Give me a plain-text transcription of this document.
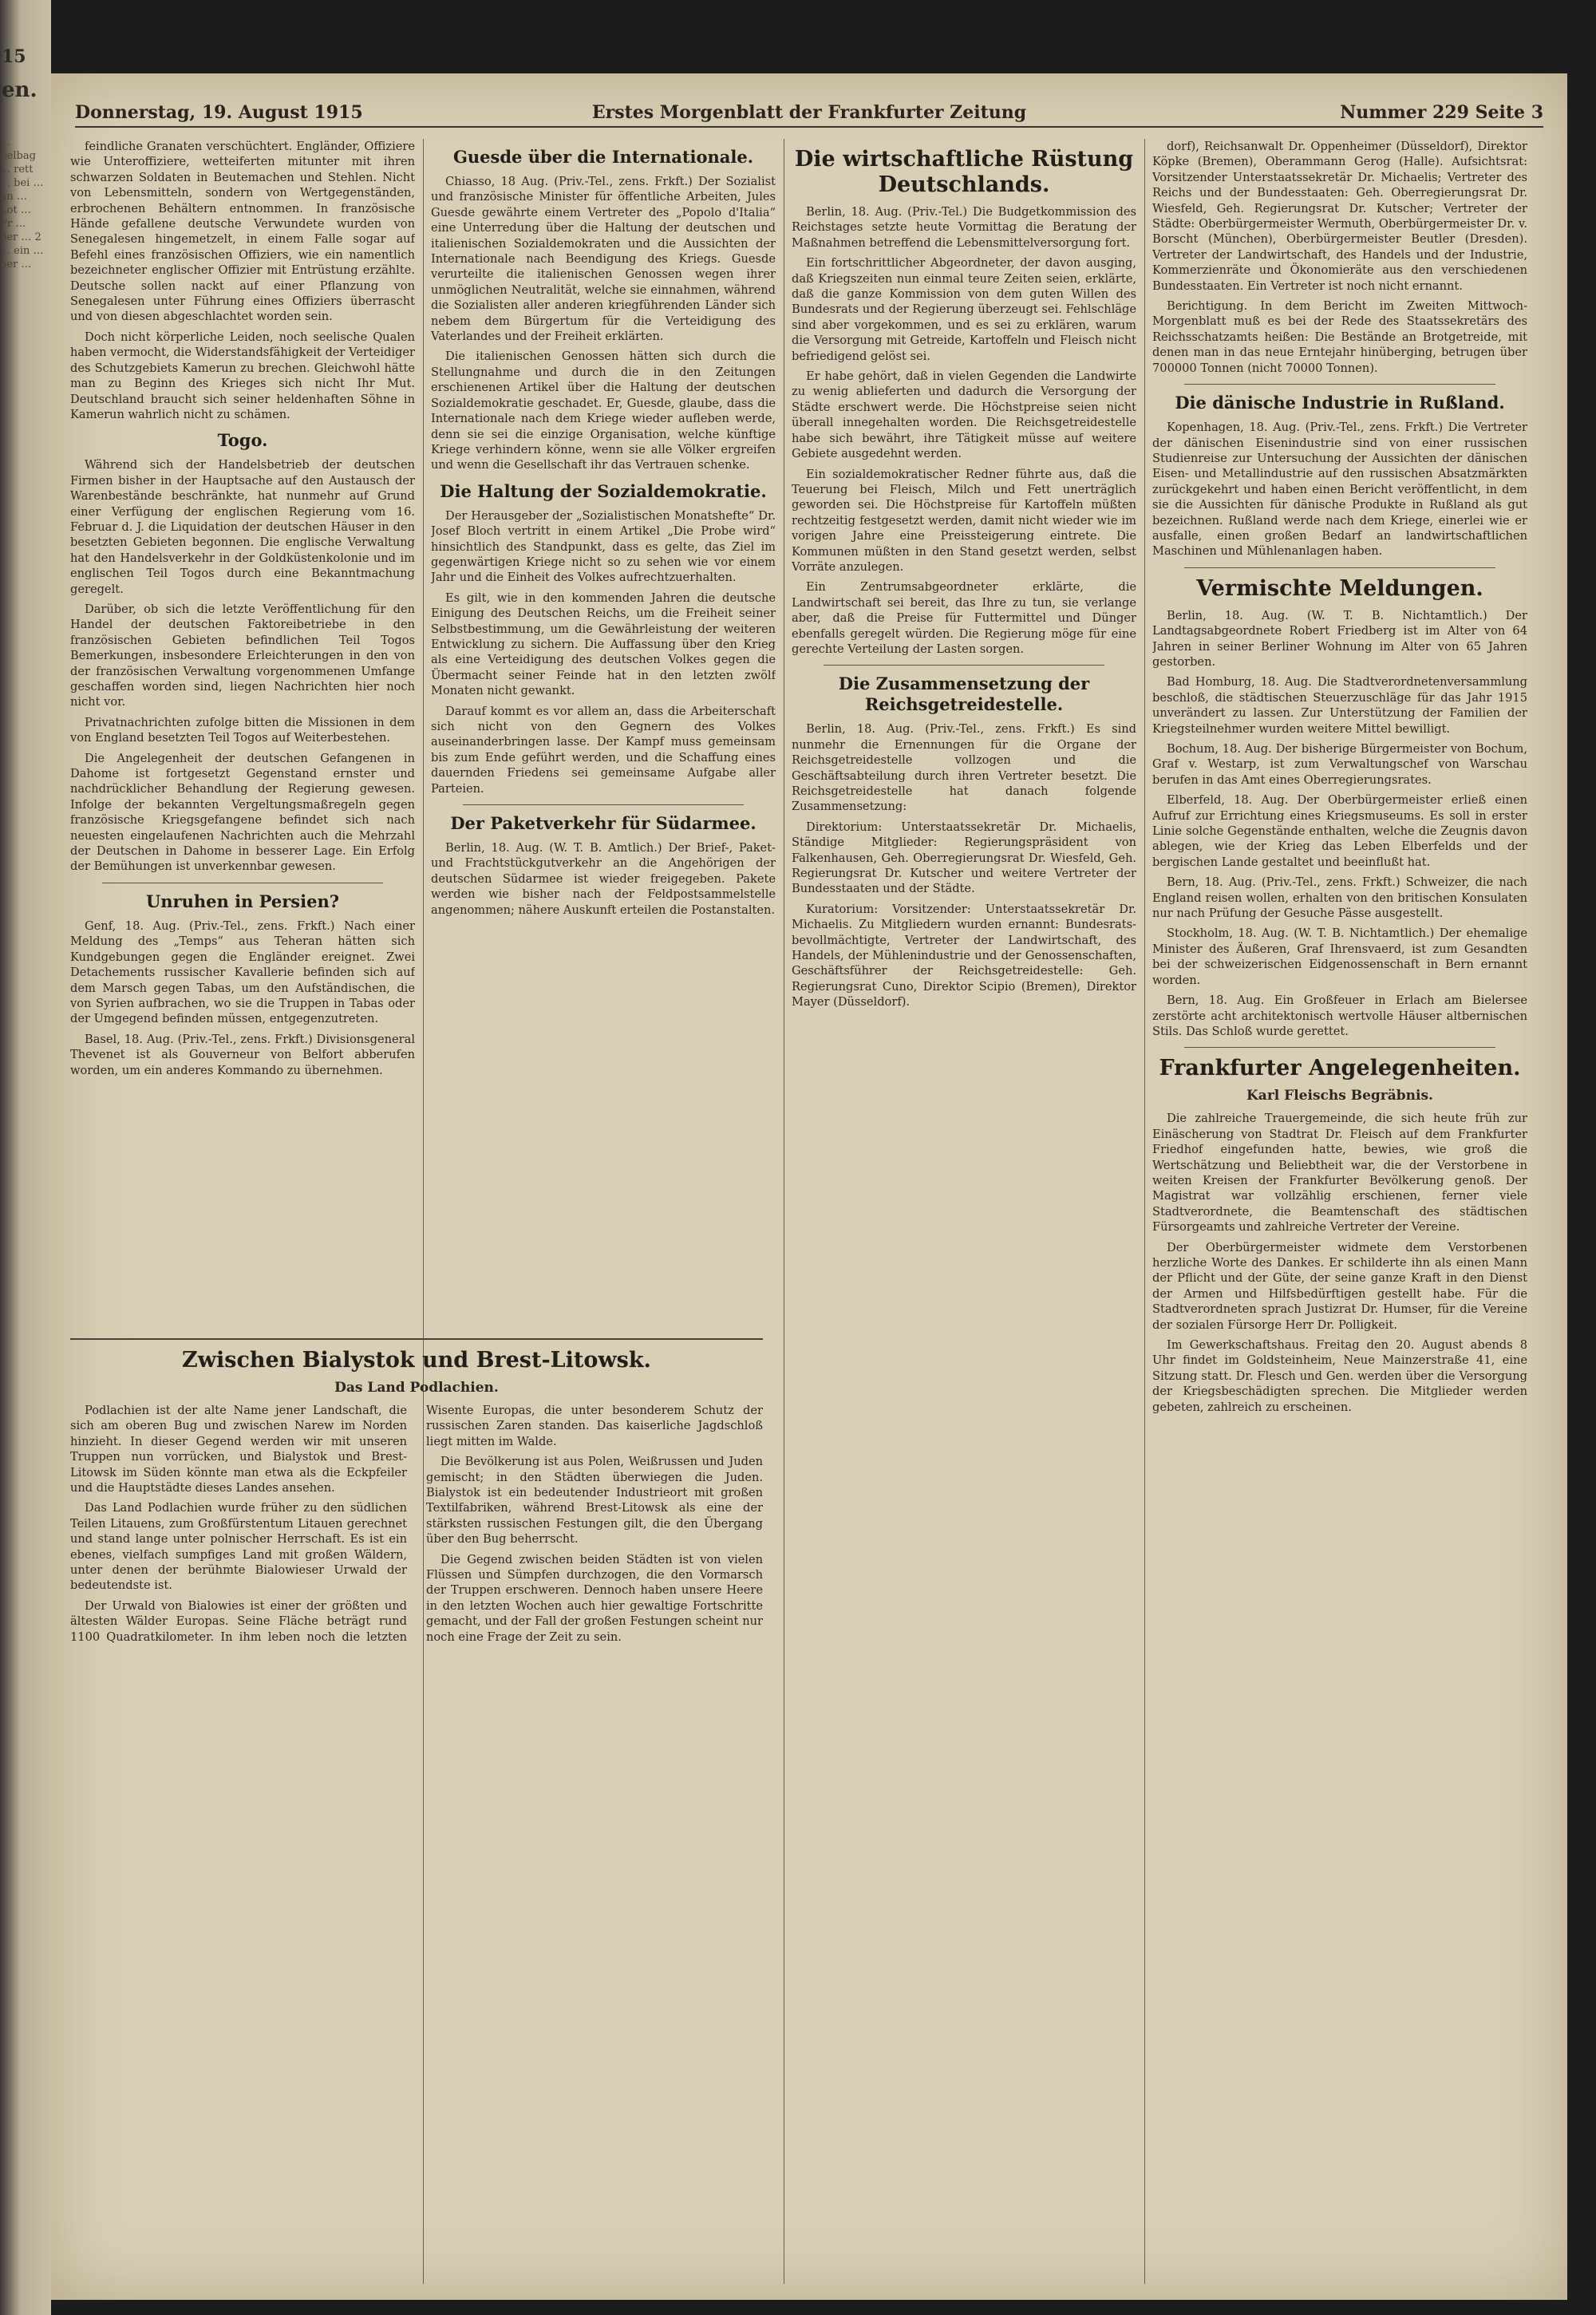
… fielbag … rett … bei … nn … Lot … Fr … ber … 2 … ein … ber …
15
en.
Donnerstag, 19. August 1915	Erstes Morgenblatt der Frankfurter Zeitung	Nummer 229 Seite 3

feindliche Granaten verschüchtert. Engländer, Offiziere wie Unteroffiziere, wetteiferten mitunter mit ihren schwarzen Soldaten in Beutemachen und Stehlen. Nicht von Lebensmitteln, sondern von Wertgegenständen, erbrochenen Behältern entnommen. In französische Hände gefallene deutsche Verwundete wurden von Senegalesen hingemetzelt, in einem Falle sogar auf Befehl eines französischen Offiziers, wie ein namentlich bezeichneter englischer Offizier mit Entrüstung erzählte. Deutsche sollen nackt auf einer Pflanzung von Senegalesen unter Führung eines Offiziers überrascht und von diesen abgeschlachtet worden sein.

Doch nicht körperliche Leiden, noch seelische Qualen haben vermocht, die Widerstandsfähigkeit der Verteidiger des Schutzgebiets Kamerun zu brechen. Gleichwohl hätte man zu Beginn des Krieges sich nicht Ihr Mut. Deutschland braucht sich seiner heldenhaften Söhne in Kamerun wahrlich nicht zu schämen.

Togo.

Während sich der Handelsbetrieb der deutschen Firmen bisher in der Hauptsache auf den Austausch der Warenbestände beschränkte, hat nunmehr auf Grund einer Verfügung der englischen Regierung vom 16. Februar d. J. die Liquidation der deutschen Häuser in den besetzten Gebieten begonnen. Die englische Verwaltung hat den Handelsverkehr in der Goldküstenkolonie und im englischen Teil Togos durch eine Bekanntmachung geregelt.

Darüber, ob sich die letzte Veröffentlichung für den Handel der deutschen Faktoreibetriebe in den französischen Gebieten befindlichen Teil Togos Bemerkungen, insbesondere Erleichterungen in den von der französischen Verwaltung vorgenommenen Umfange geschaffen worden sind, liegen Nachrichten hier noch nicht vor.

Privatnachrichten zufolge bitten die Missionen in dem von England besetzten Teil Togos auf Weiterbestehen.

Die Angelegenheit der deutschen Gefangenen in Dahome ist fortgesetzt Gegenstand ernster und nachdrücklicher Behandlung der Regierung gewesen. Infolge der bekannten Vergeltungsmaßregeln gegen französische Kriegsgefangene befindet sich nach neuesten eingelaufenen Nachrichten auch die Mehrzahl der Deutschen in Dahome in besserer Lage. Ein Erfolg der Bemühungen ist unverkennbar gewesen.

Unruhen in Persien?

Genf, 18. Aug. (Priv.-Tel., zens. Frkft.) Nach einer Meldung des „Temps“ aus Teheran hätten sich Kundgebungen gegen die Engländer ereignet. Zwei Detachements russischer Kavallerie befinden sich auf dem Marsch gegen Tabas, um den Aufständischen, die von Syrien aufbrachen, wo sie die Truppen in Tabas oder der Umgegend befinden müssen, entgegenzutreten.

Basel, 18. Aug. (Priv.-Tel., zens. Frkft.) Divisionsgeneral Thevenet ist als Gouverneur von Belfort abberufen worden, um ein anderes Kommando zu übernehmen.

Guesde über die Internationale.

Chiasso, 18 Aug. (Priv.-Tel., zens. Frkft.) Der Sozialist und französische Minister für öffentliche Arbeiten, Jules Guesde gewährte einem Vertreter des „Popolo d'Italia“ eine Unterredung über die Haltung der deutschen und italienischen Sozialdemokraten und die Aussichten der Internationale nach Beendigung des Kriegs. Guesde verurteilte die italienischen Genossen wegen ihrer unmöglichen Neutralität, welche sie einnahmen, während die Sozialisten aller anderen kriegführenden Länder sich nebem dem Bürgertum für die Verteidigung des Vaterlandes und der Freiheit erklärten.

Die italienischen Genossen hätten sich durch die Stellungnahme und durch die in den Zeitungen erschienenen Artikel über die Haltung der deutschen Sozialdemokratie geschadet. Er, Guesde, glaube, dass die Internationale nach dem Kriege wieder aufleben werde, denn sie sei die einzige Organisation, welche künftige Kriege verhindern könne, wenn sie alle Völker ergreifen und wenn die Gesellschaft ihr das Vertrauen schenke.

Die Haltung der Sozialdemokratie.

Der Herausgeber der „Sozialistischen Monatshefte“ Dr. Josef Bloch vertritt in einem Artikel „Die Probe wird“ hinsichtlich des Standpunkt, dass es gelte, das Ziel im gegenwärtigen Kriege nicht so zu sehen wie vor einem Jahr und die Einheit des Volkes aufrechtzuerhalten.

Es gilt, wie in den kommenden Jahren die deutsche Einigung des Deutschen Reichs, um die Freiheit seiner Selbstbestimmung, um die Gewährleistung der weiteren Entwicklung zu sichern. Die Auffassung über den Krieg als eine Verteidigung des deutschen Volkes gegen die Übermacht seiner Feinde hat in den letzten zwölf Monaten nicht gewankt.

Darauf kommt es vor allem an, dass die Arbeiterschaft sich nicht von den Gegnern des Volkes auseinanderbringen lasse. Der Kampf muss gemeinsam bis zum Ende geführt werden, und die Schaffung eines dauernden Friedens sei gemeinsame Aufgabe aller Parteien.

Der Paketverkehr für Südarmee.

Berlin, 18. Aug. (W. T. B. Amtlich.) Der Brief-, Paket- und Frachtstückgutverkehr an die Angehörigen der deutschen Südarmee ist wieder freigegeben. Pakete werden wie bisher nach der Feldpostsammelstelle angenommen; nähere Auskunft erteilen die Postanstalten.

Die wirtschaftliche Rüstung Deutschlands.

Berlin, 18. Aug. (Priv.-Tel.) Die Budgetkommission des Reichstages setzte heute Vormittag die Beratung der Maßnahmen betreffend die Lebensmittelversorgung fort.

Ein fortschrittlicher Abgeordneter, der davon ausging, daß Kriegszeiten nun einmal teure Zeiten seien, erklärte, daß die ganze Kommission von dem guten Willen des Bundesrats und der Regierung überzeugt sei. Fehlschläge sind aber vorgekommen, und es sei zu erklären, warum die Versorgung mit Getreide, Kartoffeln und Fleisch nicht befriedigend gelöst sei.

Er habe gehört, daß in vielen Gegenden die Landwirte zu wenig ablieferten und dadurch die Versorgung der Städte erschwert werde. Die Höchstpreise seien nicht überall innegehalten worden. Die Reichsgetreidestelle habe sich bewährt, ihre Tätigkeit müsse auf weitere Gebiete ausgedehnt werden.

Ein sozialdemokratischer Redner führte aus, daß die Teuerung bei Fleisch, Milch und Fett unerträglich geworden sei. Die Höchstpreise für Kartoffeln müßten rechtzeitig festgesetzt werden, damit nicht wieder wie im vorigen Jahre eine Preissteigerung eintrete. Die Kommunen müßten in den Stand gesetzt werden, selbst Vorräte anzulegen.

Ein Zentrumsabgeordneter erklärte, die Landwirtschaft sei bereit, das Ihre zu tun, sie verlange aber, daß die Preise für Futtermittel und Dünger ebenfalls geregelt würden. Die Regierung möge für eine gerechte Verteilung der Lasten sorgen.

Die Zusammensetzung der Reichsgetreidestelle.

Berlin, 18. Aug. (Priv.-Tel., zens. Frkft.) Es sind nunmehr die Ernennungen für die Organe der Reichsgetreidestelle vollzogen und die Geschäftsabteilung durch ihren Vertreter besetzt. Die Reichsgetreidestelle hat danach folgende Zusammensetzung:

Direktorium: Unterstaatssekretär Dr. Michaelis, Ständige Mitglieder: Regierungspräsident von Falkenhausen, Geh. Oberregierungsrat Dr. Wiesfeld, Geh. Regierungsrat Dr. Kutscher und weitere Vertreter der Bundesstaaten und der Städte.

Kuratorium: Vorsitzender: Unterstaatssekretär Dr. Michaelis. Zu Mitgliedern wurden ernannt: Bundesrats-bevollmächtigte, Vertreter der Landwirtschaft, des Handels, der Mühlenindustrie und der Genossenschaften, Geschäftsführer der Reichsgetreidestelle: Geh. Regierungsrat Cuno, Direktor Scipio (Bremen), Direktor Mayer (Düsseldorf).

dorf), Reichsanwalt Dr. Oppenheimer (Düsseldorf), Direktor Köpke (Bremen), Oberammann Gerog (Halle). Aufsichtsrat: Vorsitzender Unterstaatssekretär Dr. Michaelis; Vertreter des Reichs und der Bundesstaaten: Geh. Oberregierungsrat Dr. Wiesfeld, Geh. Regierungsrat Dr. Kutscher; Vertreter der Städte: Oberbürgermeister Wermuth, Oberbürgermeister Dr. v. Borscht (München), Oberbürgermeister Beutler (Dresden). Vertreter der Landwirtschaft, des Handels und der Industrie, Kommerzienräte und Ökonomieräte aus den verschiedenen Bundesstaaten. Ein Vertreter ist noch nicht ernannt.

Berichtigung. In dem Bericht im Zweiten Mittwoch-Morgenblatt muß es bei der Rede des Staatssekretärs des Reichsschatzamts heißen: Die Bestände an Brotgetreide, mit denen man in das neue Erntejahr hinüberging, betrugen über 700000 Tonnen (nicht 70000 Tonnen).

Die dänische Industrie in Rußland.

Kopenhagen, 18. Aug. (Priv.-Tel., zens. Frkft.) Die Vertreter der dänischen Eisenindustrie sind von einer russischen Studienreise zur Untersuchung der Aussichten der dänischen Eisen- und Metallindustrie auf den russischen Absatzmärkten zurückgekehrt und haben einen Bericht veröffentlicht, in dem sie die Aussichten für dänische Produkte in Rußland als gut bezeichnen. Rußland werde nach dem Kriege, einerlei wie er ausfalle, einen großen Bedarf an landwirtschaftlichen Maschinen und Mühlenanlagen haben.

Vermischte Meldungen.

Berlin, 18. Aug. (W. T. B. Nichtamtlich.) Der Landtagsabgeordnete Robert Friedberg ist im Alter von 64 Jahren in seiner Berliner Wohnung im Alter von 65 Jahren gestorben.

Bad Homburg, 18. Aug. Die Stadtverordnetenversammlung beschloß, die städtischen Steuerzuschläge für das Jahr 1915 unverändert zu lassen. Zur Unterstützung der Familien der Kriegsteilnehmer wurden weitere Mittel bewilligt.

Bochum, 18. Aug. Der bisherige Bürgermeister von Bochum, Graf v. Westarp, ist zum Verwaltungschef von Warschau berufen in das Amt eines Oberregierungsrates.

Elberfeld, 18. Aug. Der Oberbürgermeister erließ einen Aufruf zur Errichtung eines Kriegsmuseums. Es soll in erster Linie solche Gegenstände enthalten, welche die Zeugnis davon ablegen, wie der Krieg das Leben Elberfelds und der bergischen Lande gestaltet und beeinflußt hat.

Bern, 18. Aug. (Priv.-Tel., zens. Frkft.) Schweizer, die nach England reisen wollen, erhalten von den britischen Konsulaten nur nach Prüfung der Gesuche Pässe ausgestellt.

Stockholm, 18. Aug. (W. T. B. Nichtamtlich.) Der ehemalige Minister des Äußeren, Graf Ihrensvaerd, ist zum Gesandten bei der schweizerischen Eidgenossenschaft in Bern ernannt worden.

Bern, 18. Aug. Ein Großfeuer in Erlach am Bielersee zerstörte acht architektonisch wertvolle Häuser altbernischen Stils. Das Schloß wurde gerettet.

Frankfurter Angelegenheiten.
Karl Fleischs Begräbnis.

Die zahlreiche Trauergemeinde, die sich heute früh zur Einäscherung von Stadtrat Dr. Fleisch auf dem Frankfurter Friedhof eingefunden hatte, bewies, wie groß die Wertschätzung und Beliebtheit war, die der Verstorbene in weiten Kreisen der Frankfurter Bevölkerung genoß. Der Magistrat war vollzählig erschienen, ferner viele Stadtverordnete, die Beamtenschaft des städtischen Fürsorgeamts und zahlreiche Vertreter der Vereine.

Der Oberbürgermeister widmete dem Verstorbenen herzliche Worte des Dankes. Er schilderte ihn als einen Mann der Pflicht und der Güte, der seine ganze Kraft in den Dienst der Armen und Hilfsbedürftigen gestellt habe. Für die Stadtverordneten sprach Justizrat Dr. Humser, für die Vereine der sozialen Fürsorge Herr Dr. Polligkeit.

Im Gewerkschaftshaus. Freitag den 20. August abends 8 Uhr findet im Goldsteinheim, Neue Mainzerstraße 41, eine Sitzung statt. Dr. Flesch und Gen. werden über die Versorgung der Kriegsbeschädigten sprechen. Die Mitglieder werden gebeten, zahlreich zu erscheinen.

Zwischen Bialystok und Brest-Litowsk.
Das Land Podlachien.

Podlachien ist der alte Name jener Landschaft, die sich am oberen Bug und zwischen Narew im Norden hinzieht. In dieser Gegend werden wir mit unseren Truppen nun vorrücken, und Bialystok und Brest-Litowsk im Süden könnte man etwa als die Eckpfeiler und die Hauptstädte dieses Landes ansehen.

Das Land Podlachien wurde früher zu den südlichen Teilen Litauens, zum Großfürstentum Litauen gerechnet und stand lange unter polnischer Herrschaft. Es ist ein ebenes, vielfach sumpfiges Land mit großen Wäldern, unter denen der berühmte Bialowieser Urwald der bedeutendste ist.

Der Urwald von Bialowies ist einer der größten und ältesten Wälder Europas. Seine Fläche beträgt rund 1100 Quadratkilometer. In ihm leben noch die letzten Wisente Europas, die unter besonderem Schutz der russischen Zaren standen. Das kaiserliche Jagdschloß liegt mitten im Walde.

Die Bevölkerung ist aus Polen, Weißrussen und Juden gemischt; in den Städten überwiegen die Juden. Bialystok ist ein bedeutender Industrieort mit großen Textilfabriken, während Brest-Litowsk als eine der stärksten russischen Festungen gilt, die den Übergang über den Bug beherrscht.

Die Gegend zwischen beiden Städten ist von vielen Flüssen und Sümpfen durchzogen, die den Vormarsch der Truppen erschweren. Dennoch haben unsere Heere in den letzten Wochen auch hier gewaltige Fortschritte gemacht, und der Fall der großen Festungen scheint nur noch eine Frage der Zeit zu sein.
